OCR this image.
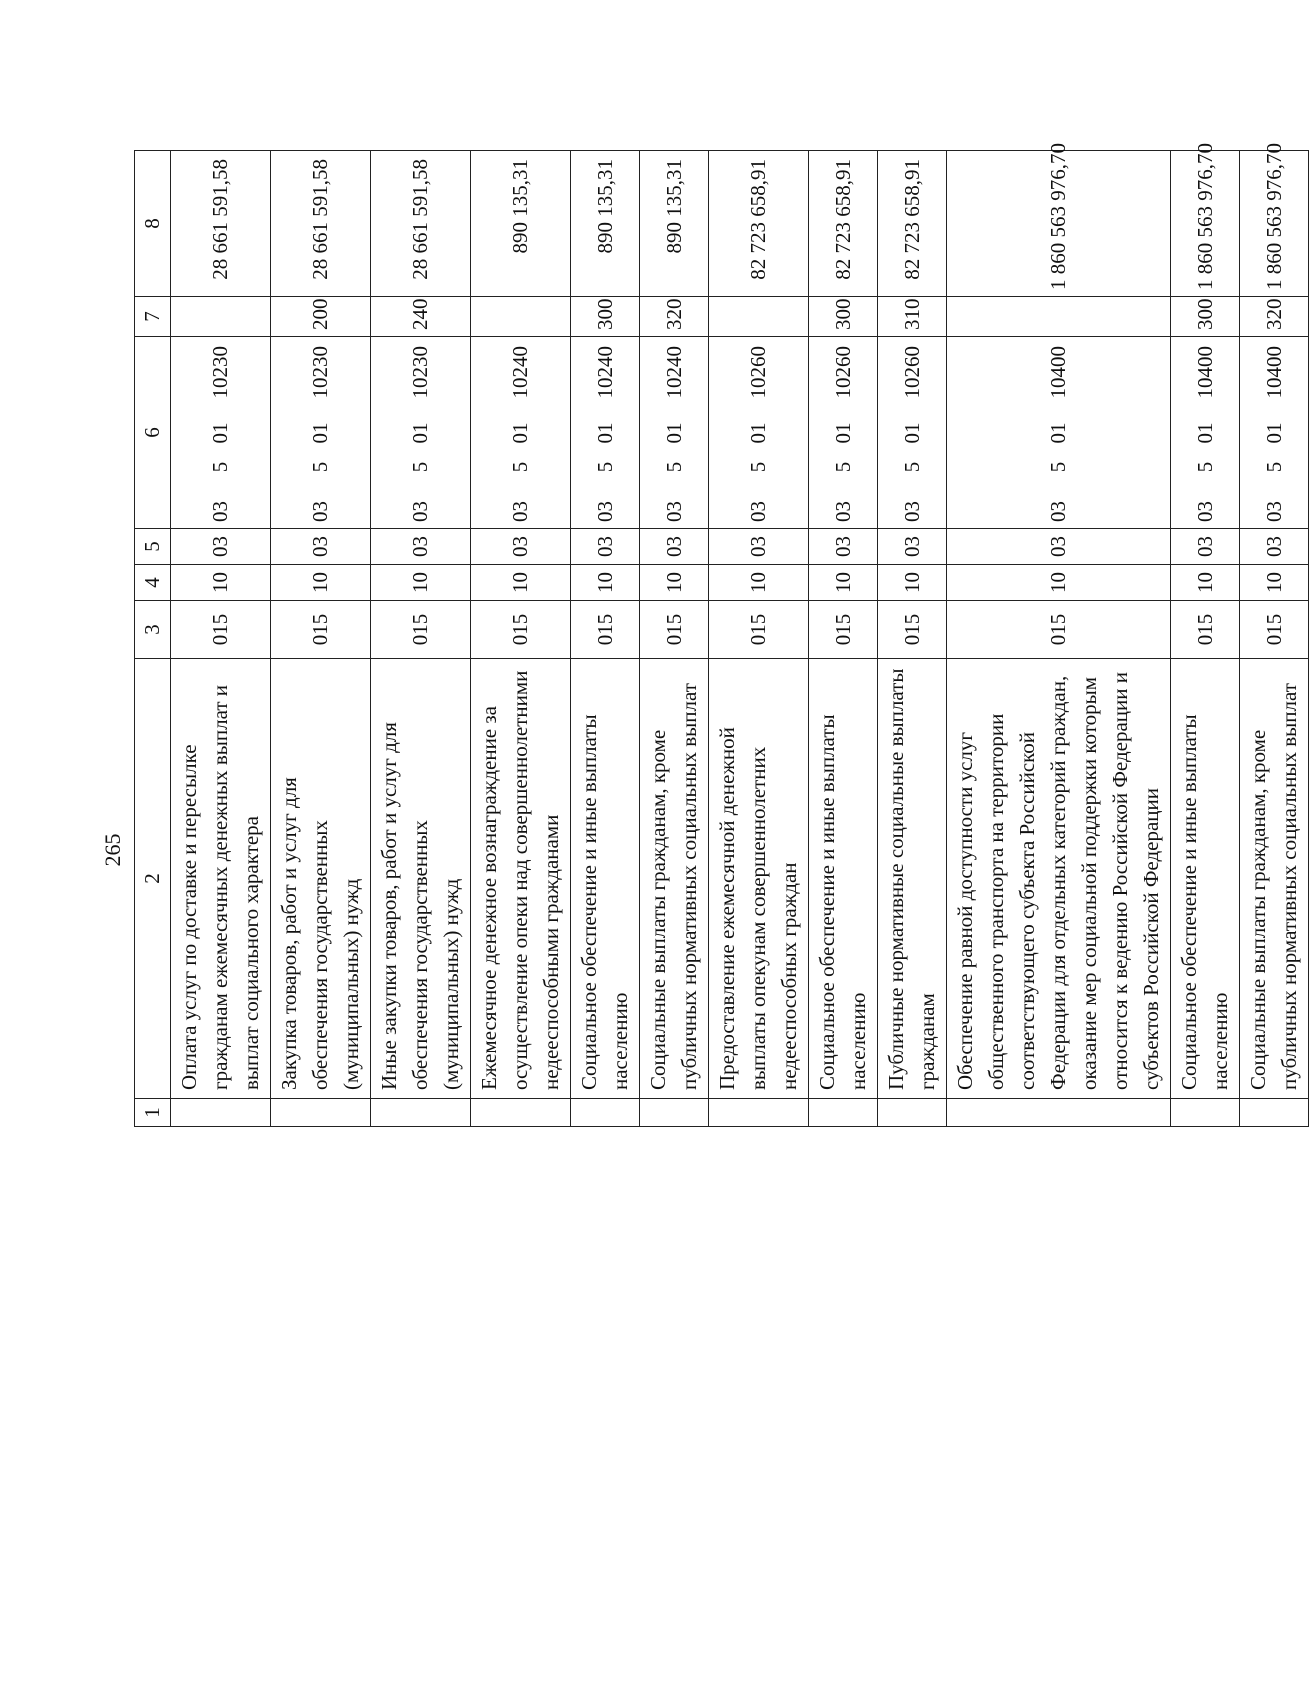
265
1	2	3	4	5	6	7	8
	Оплата услуг по доставке и пересылке гражданам ежемесячных денежных выплат и выплат социального характера	015	10	03	0350110230		28 661 591,58
	Закупка товаров, работ и услуг для обеспечения государственных (муниципальных) нужд	015	10	03	0350110230	200	28 661 591,58
	Иные закупки товаров, работ и услуг для обеспечения государственных (муниципальных) нужд	015	10	03	0350110230	240	28 661 591,58
	Ежемесячное денежное вознаграждение за осуществление опеки над совершеннолетними недееспособными гражданами	015	10	03	0350110240		890 135,31
	Социальное обеспечение и иные выплаты населению	015	10	03	0350110240	300	890 135,31
	Социальные выплаты гражданам, кроме публичных нормативных социальных выплат	015	10	03	0350110240	320	890 135,31
	Предоставление ежемесячной денежной выплаты опекунам совершеннолетних недееспособных граждан	015	10	03	0350110260		82 723 658,91
	Социальное обеспечение и иные выплаты населению	015	10	03	0350110260	300	82 723 658,91
	Публичные нормативные социальные выплаты гражданам	015	10	03	0350110260	310	82 723 658,91
	Обеспечение равной доступности услуг общественного транспорта на территории соответствующего субъекта Российской Федерации для отдельных категорий граждан, оказание мер социальной поддержки которым относится к ведению Российской Федерации и субъектов Российской Федерации	015	10	03	0350110400		1 860 563 976,70
	Социальное обеспечение и иные выплаты населению	015	10	03	0350110400	300	1 860 563 976,70
	Социальные выплаты гражданам, кроме публичных нормативных социальных выплат	015	10	03	0350110400	320	1 860 563 976,70
